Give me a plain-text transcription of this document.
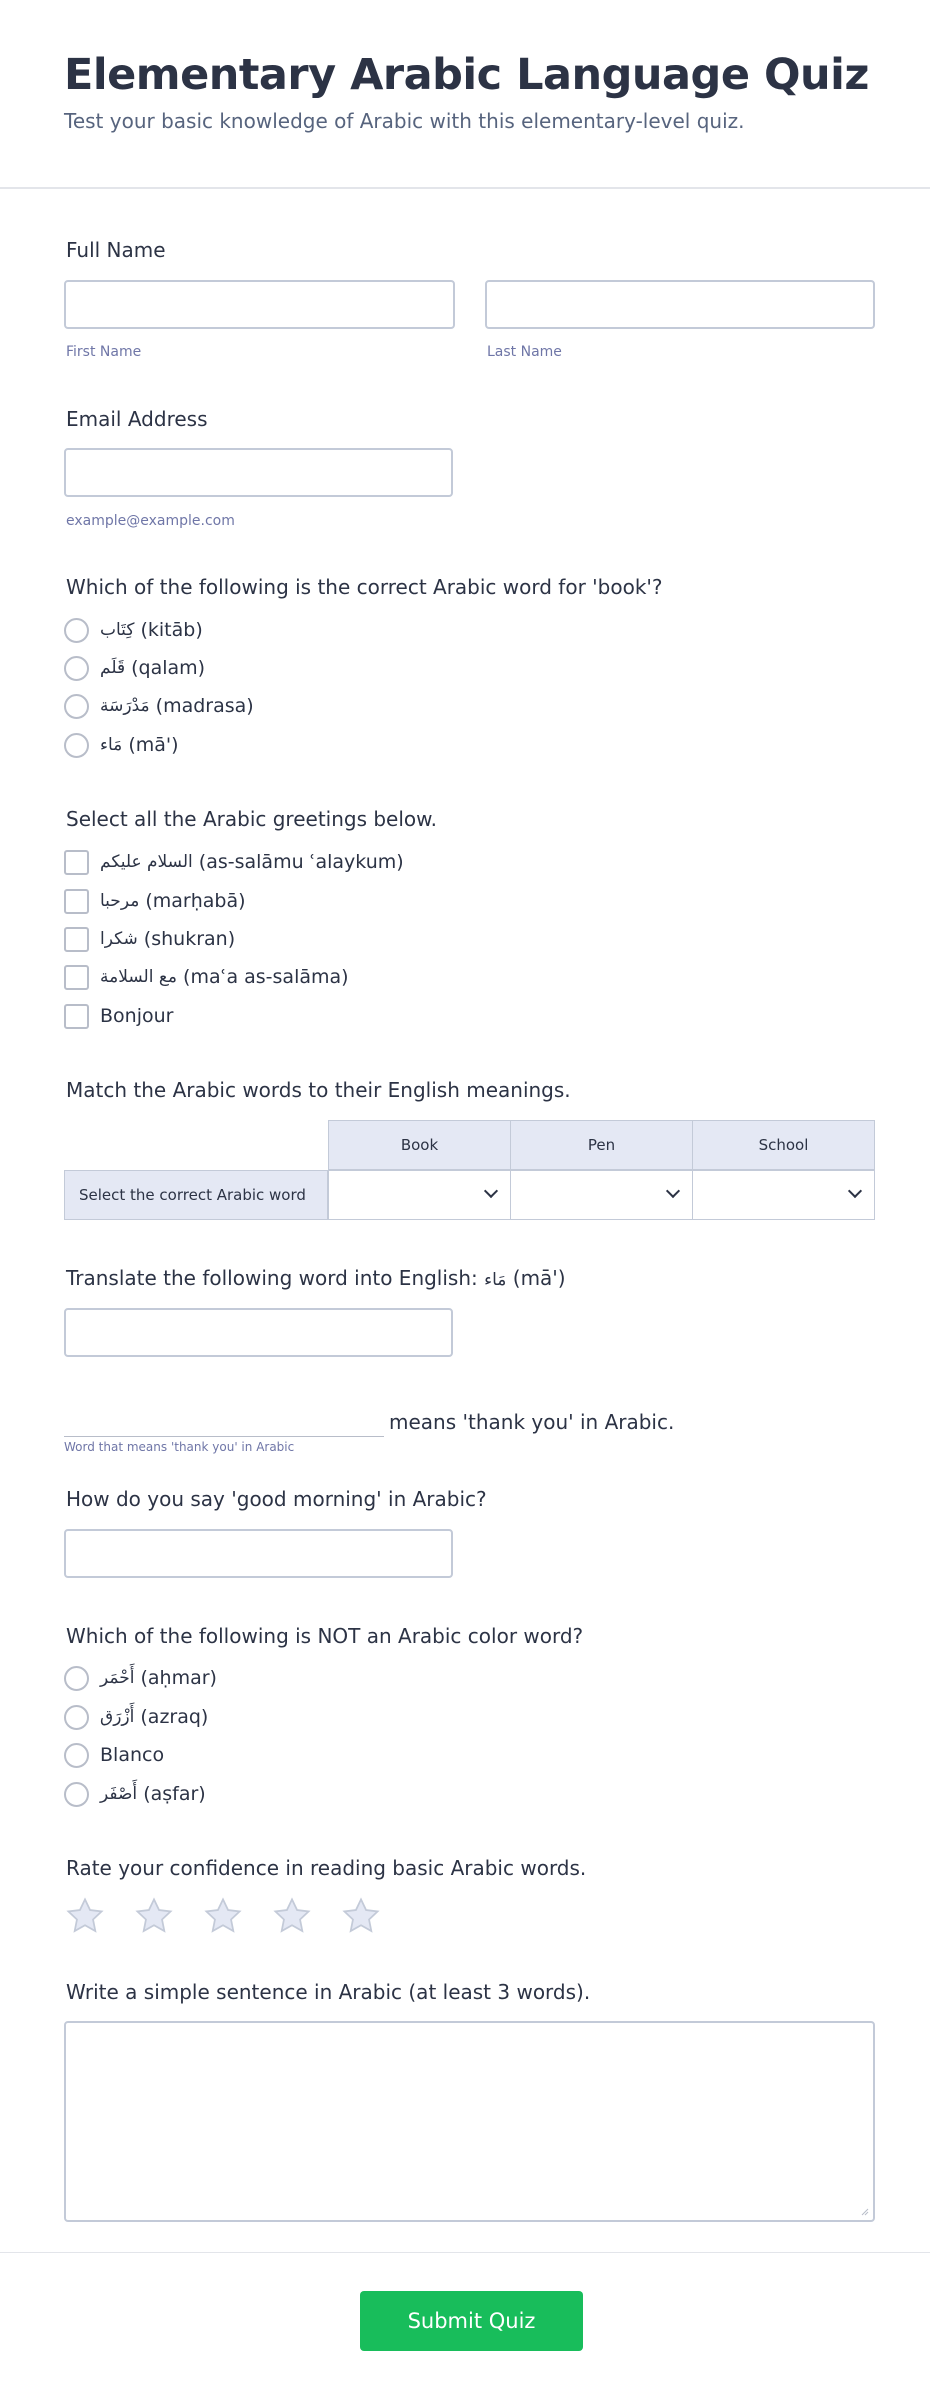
Elementary Arabic Language Quiz
Test your basic knowledge of Arabic with this elementary-level quiz.
Full Name
First Name	Last Name
Email Address
example@example.com
Which of the following is the correct Arabic word for 'book'?
كِتَاب
(kitāb)
قَلَم
(qalam)
مَدْرَسَة
(madrasa)
مَاء
(mā')
Select all the Arabic greetings below.
السلام عليكم
(as-salāmu ʿalaykum)
مرحبا
(marḥabā)
شكرا
(shukran)
مع السلامة
(maʿa as-salāma)
Bonjour
Match the Arabic words to their English meanings.
Book	Pen	School
Select the correct Arabic word
Translate the following word into English: مَاء (mā')
means 'thank you' in Arabic.
Word that means 'thank you' in Arabic
How do you say 'good morning' in Arabic?
Which of the following is NOT an Arabic color word?
أَحْمَر
(aḥmar)
أَزْرَق
(azraq)
Blanco
أَصْفَر
(aṣfar)
Rate your confidence in reading basic Arabic words.
Write a simple sentence in Arabic (at least 3 words).
Submit Quiz
